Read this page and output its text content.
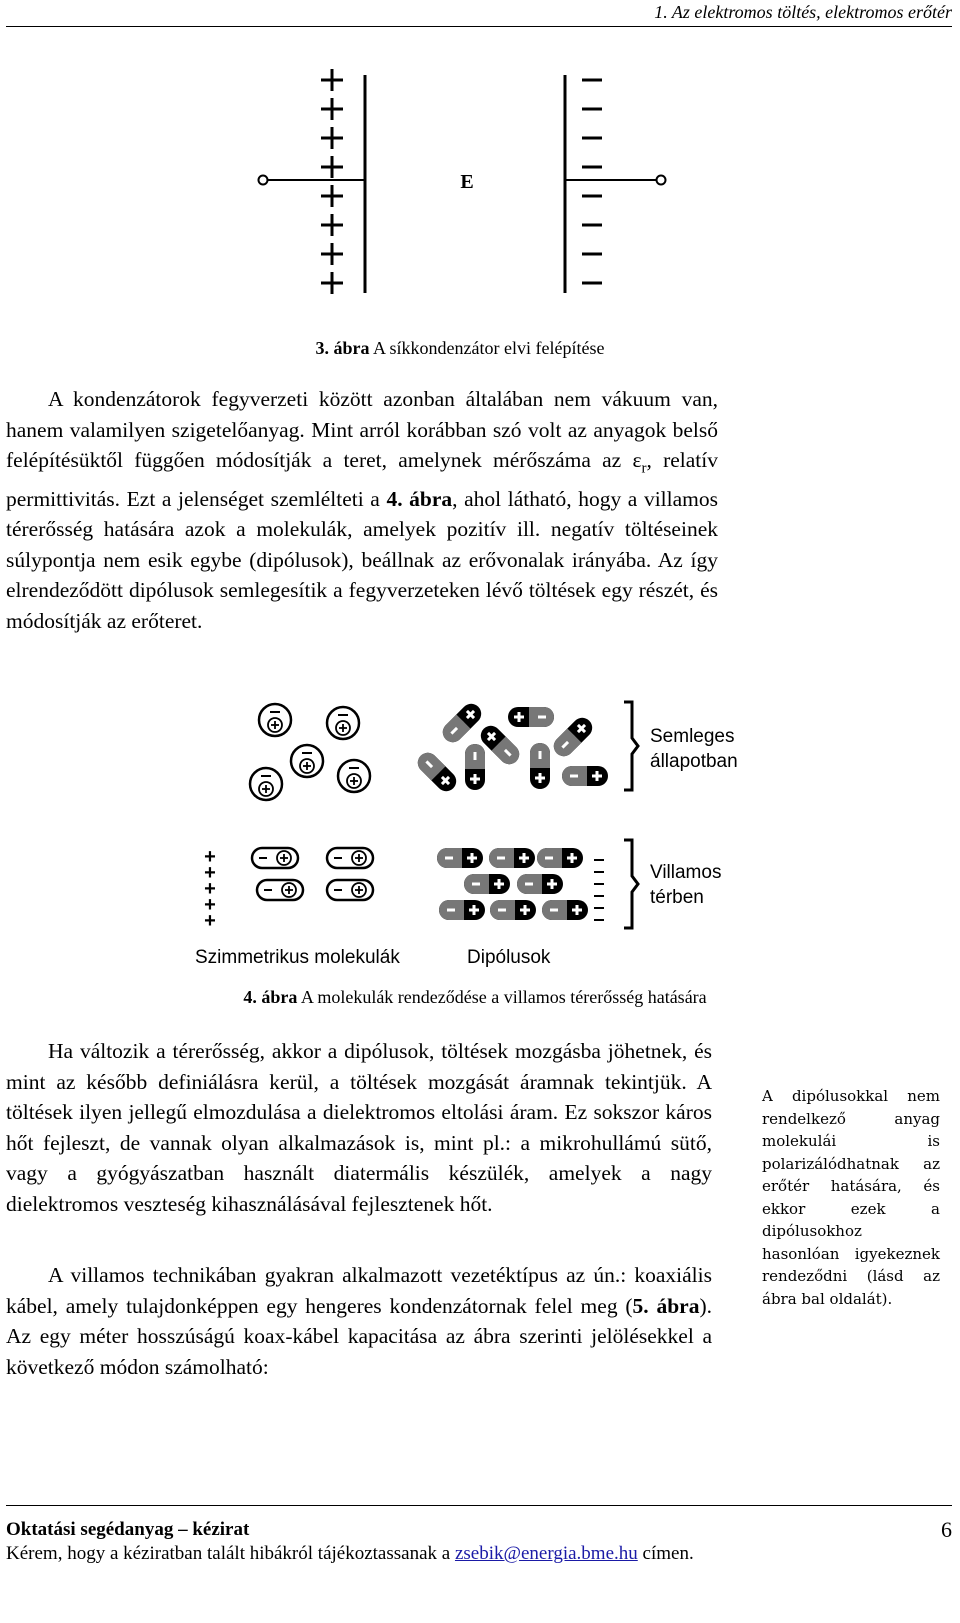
1. Az elektromos töltés, elektromos erőtér
E
3. ábra A síkkondenzátor elvi felépítése

A kondenzátorok fegyverzeti között azonban általában nem vákuum van, hanem valamilyen szigetelőanyag. Mint arról korábban szó volt az anyagok belső felépítésüktől függően módosítják a teret, amelynek mérőszáma az $\varepsilon_r$, relatív permittivitás. Ezt a jelenséget szemlélteti a 4. ábra, ahol látható, hogy a villamos térerősség hatására azok a molekulák, amelyek pozitív ill. negatív töltéseinek súlypontja nem esik egybe (dipólusok), beállnak az erővonalak irányába. Az így elrendeződött dipólusok semlegesítik a fegyverzeteken lévő töltések egy részét, és módosítják az erőteret.

Semleges
állapotban
+
+
+
+
+
Villamos
térben
Szimmetrikus molekulák	Dipólusok
4. ábra A molekulák rendeződése a villamos térerősség hatására

Ha változik a térerősség, akkor a dipólusok, töltések mozgásba jöhetnek, és mint az később definiálásra kerül, a töltések mozgását áramnak tekintjük. A töltések ilyen jellegű elmozdulása a dielektromos eltolási áram. Ez sokszor káros hőt fejleszt, de vannak olyan alkalmazások is, mint pl.: a mikrohullámú sütő, vagy a gyógyászatban használt diatermális készülék, amelyek a nagy dielektromos veszteség kihasználásával fejlesztenek hőt.

A villamos technikában gyakran alkalmazott vezetéktípus az ún.: koaxiális kábel, amely tulajdonképpen egy hengeres kondenzátornak felel meg (5. ábra). Az egy méter hosszúságú koax-kábel kapacitása az ábra szerinti jelölésekkel a következő módon számolható:

A dipólusokkal nem rendelkező anyag molekulái is polarizálódhatnak az erőtér hatására, és ekkor ezek a dipólusokhoz hasonlóan igyekeznek rendeződni (lásd az ábra bal oldalát).
Oktatási segédanyag – kézirat	6
Kérem, hogy a kéziratban talált hibákról tájékoztassanak a zsebik@energia.bme.hu címen.
